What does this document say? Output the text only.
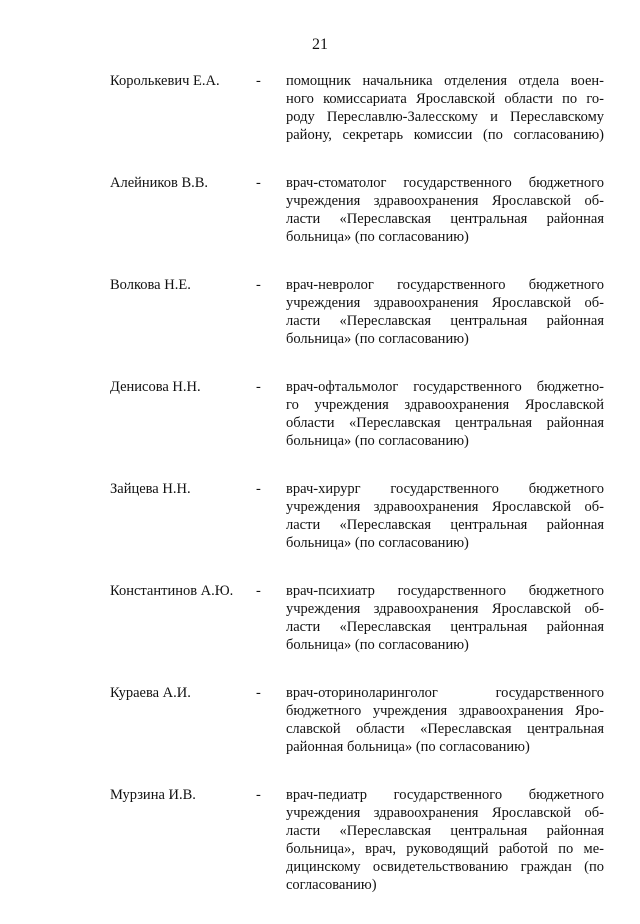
21
Королькевич Е.А.	-	помощник начальника отделения отдела воен-
ного комиссариата Ярославской области по го-
роду Переславлю-Залесскому и Переславскому
району, секретарь комиссии (по согласованию)
Алейников В.В.	-	врач-стоматолог государственного бюджетного
учреждения здравоохранения Ярославской об-
ласти «Переславская центральная районная
больница» (по согласованию)
Волкова Н.Е.	-	врач-невролог государственного бюджетного
учреждения здравоохранения Ярославской об-
ласти «Переславская центральная районная
больница» (по согласованию)
Денисова Н.Н.	-	врач-офтальмолог государственного бюджетно-
го учреждения здравоохранения Ярославской
области «Переславская центральная районная
больница» (по согласованию)
Зайцева Н.Н.	-	врач-хирург государственного бюджетного
учреждения здравоохранения Ярославской об-
ласти «Переславская центральная районная
больница» (по согласованию)
Константинов А.Ю.	-	врач-психиатр государственного бюджетного
учреждения здравоохранения Ярославской об-
ласти «Переславская центральная районная
больница» (по согласованию)
Кураева А.И.	-	врач-оториноларинголог государственного
бюджетного учреждения здравоохранения Яро-
славской области «Переславская центральная
районная больница» (по согласованию)
Мурзина И.В.	-	врач-педиатр государственного бюджетного
учреждения здравоохранения Ярославской об-
ласти «Переславская центральная районная
больница», врач, руководящий работой по ме-
дицинскому освидетельствованию граждан (по
согласованию)
